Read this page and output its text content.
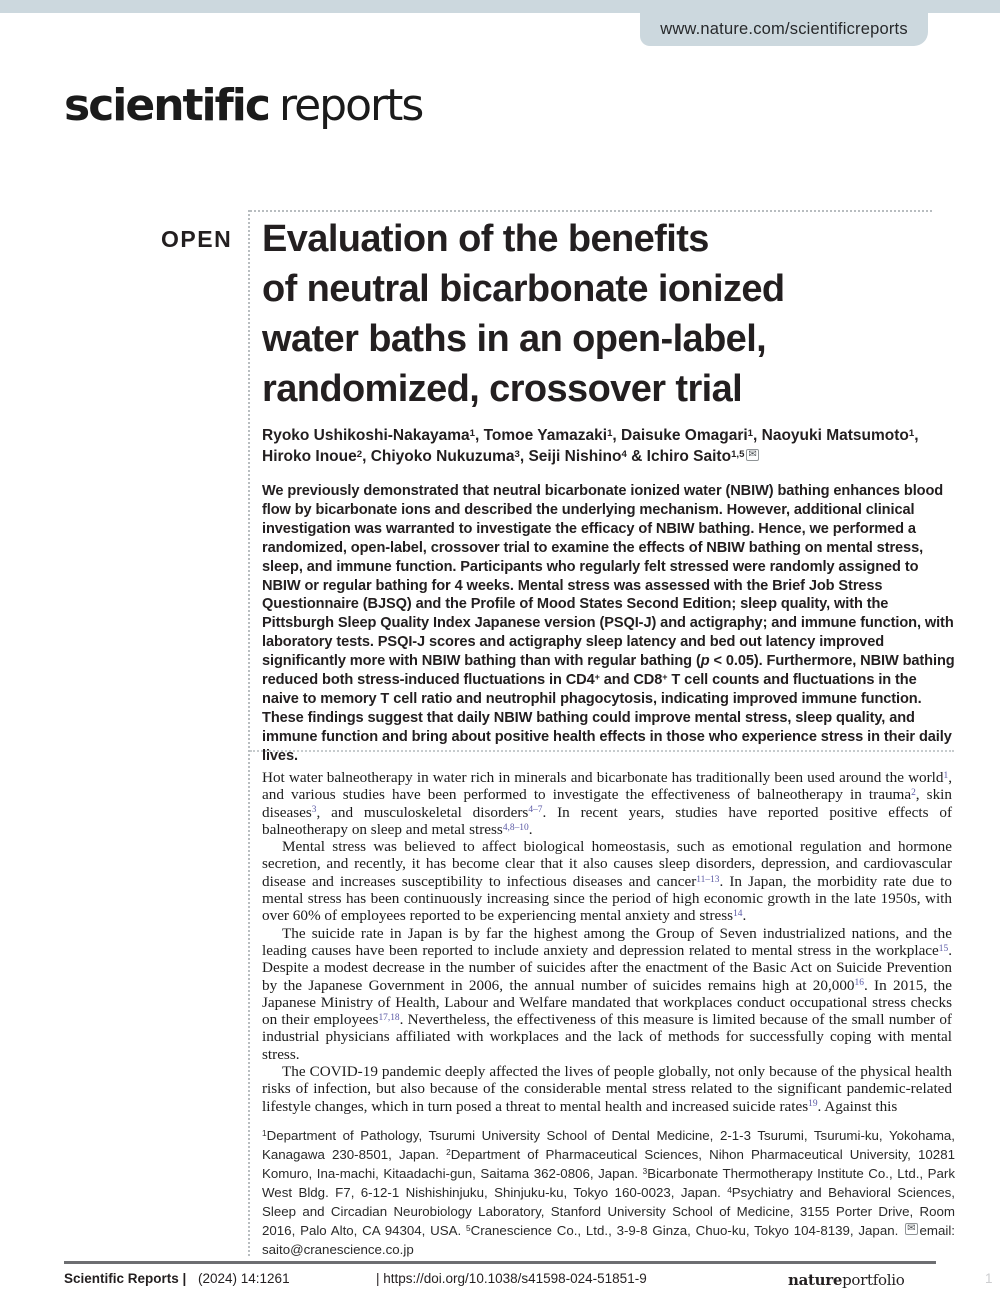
www.nature.com/scientificreports
scientific reports
OPEN Evaluation of the benefits
of neutral bicarbonate ionized
water baths in an open-label,
randomized, crossover trial
Ryoko Ushikoshi-Nakayama$^1$, Tomoe Yamazaki$^1$, Daisuke Omagari$^1$, Naoyuki Matsumoto$^1$, Hiroko Inoue$^2$, Chiyoko Nukuzuma$^3$, Seiji Nishino$^4$ & Ichiro Saito$^{1,5}$ ✉
We previously demonstrated that neutral bicarbonate ionized water (NBIW) bathing enhances blood flow by bicarbonate ions and described the underlying mechanism. However, additional clinical investigation was warranted to investigate the efficacy of NBIW bathing. Hence, we performed a randomized, open-label, crossover trial to examine the effects of NBIW bathing on mental stress, sleep, and immune function. Participants who regularly felt stressed were randomly assigned to NBIW or regular bathing for 4 weeks. Mental stress was assessed with the Brief Job Stress Questionnaire (BJSQ) and the Profile of Mood States Second Edition; sleep quality, with the Pittsburgh Sleep Quality Index Japanese version (PSQI-J) and actigraphy; and immune function, with laboratory tests. PSQI-J scores and actigraphy sleep latency and bed out latency improved significantly more with NBIW bathing than with regular bathing (p < 0.05). Furthermore, NBIW bathing reduced both stress-induced fluctuations in CD4+ and CD8+ T cell counts and fluctuations in the naive to memory T cell ratio and neutrophil phagocytosis, indicating improved immune function. These findings suggest that daily NBIW bathing could improve mental stress, sleep quality, and immune function and bring about positive health effects in those who experience stress in their daily lives.

Hot water balneotherapy in water rich in minerals and bicarbonate has traditionally been used around the world$^1$, and various studies have been performed to investigate the effectiveness of balneotherapy in trauma$^2$, skin diseases$^3$, and musculoskeletal disorders$^{4-7}$. In recent years, studies have reported positive effects of balneotherapy on sleep and metal stress$^{4,8-10}$.

Mental stress was believed to affect biological homeostasis, such as emotional regulation and hormone secretion, and recently, it has become clear that it also causes sleep disorders, depression, and cardiovascular disease and increases susceptibility to infectious diseases and cancer$^{11-13}$. In Japan, the morbidity rate due to mental stress has been continuously increasing since the period of high economic growth in the late 1950s, with over 60% of employees reported to be experiencing mental anxiety and stress$^{14}$.

The suicide rate in Japan is by far the highest among the Group of Seven industrialized nations, and the leading causes have been reported to include anxiety and depression related to mental stress in the workplace$^{15}$. Despite a modest decrease in the number of suicides after the enactment of the Basic Act on Suicide Prevention by the Japanese Government in 2006, the annual number of suicides remains high at 20,000$^{16}$. In 2015, the Japanese Ministry of Health, Labour and Welfare mandated that workplaces conduct occupational stress checks on their employees$^{17,18}$. Nevertheless, the effectiveness of this measure is limited because of the small number of industrial physicians affiliated with workplaces and the lack of methods for successfully coping with mental stress.

The COVID-19 pandemic deeply affected the lives of people globally, not only because of the physical health risks of infection, but also because of the considerable mental stress related to the significant pandemic-related lifestyle changes, which in turn posed a threat to mental health and increased suicide rates$^{19}$. Against this

$^1$Department of Pathology, Tsurumi University School of Dental Medicine, 2-1-3 Tsurumi, Tsurumi-ku, Yokohama, Kanagawa 230-8501, Japan. $^2$Department of Pharmaceutical Sciences, Nihon Pharmaceutical University, 10281 Komuro, Ina-machi, Kitaadachi-gun, Saitama 362-0806, Japan. $^3$Bicarbonate Thermotherapy Institute Co., Ltd., Park West Bldg. F7, 6-12-1 Nishishinjuku, Shinjuku-ku, Tokyo 160-0023, Japan. $^4$Psychiatry and Behavioral Sciences, Sleep and Circadian Neurobiology Laboratory, Stanford University School of Medicine, 3155 Porter Drive, Room 2016, Palo Alto, CA 94304, USA. $^5$Cranescience Co., Ltd., 3-9-8 Ginza, Chuo-ku, Tokyo 104-8139, Japan. ✉ email: saito@cranescience.co.jp
Scientific Reports | (2024) 14:1261	| https://doi.org/10.1038/s41598-024-51851-9	natureportfolio	1
